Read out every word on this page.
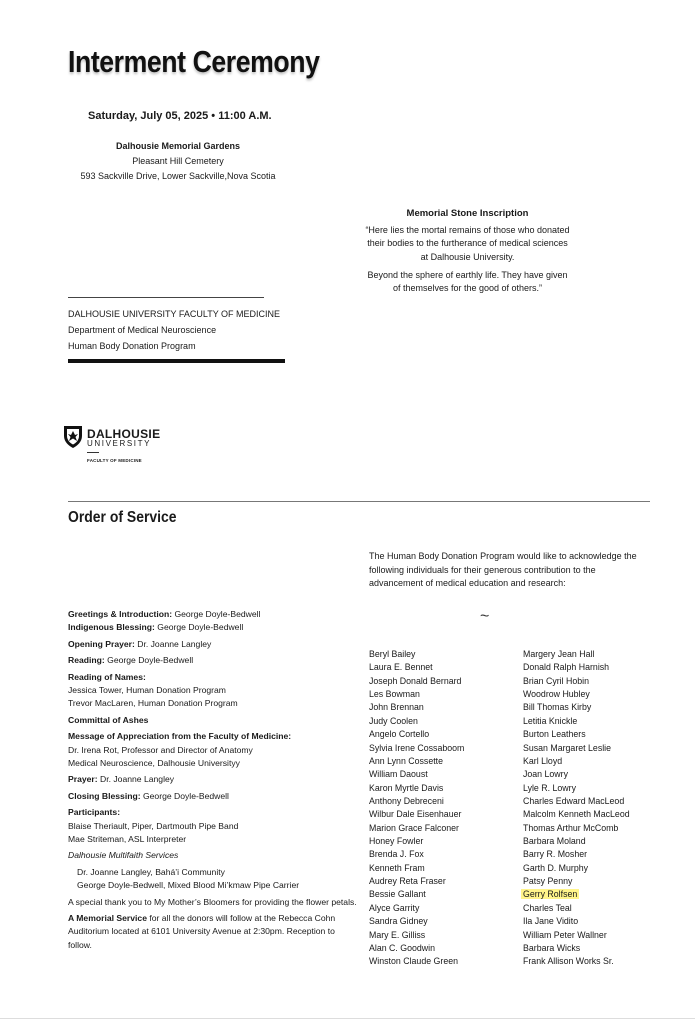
Interment Ceremony
Saturday, July 05, 2025 • 11:00 A.M.
Dalhousie Memorial Gardens
Pleasant Hill Cemetery
593 Sackville Drive, Lower Sackville,Nova Scotia
Memorial Stone Inscription

“Here lies the mortal remains of those who donated their bodies to the furtherance of medical sciences at Dalhousie University.

Beyond the sphere of earthly life. They have given of themselves for the good of others.”

DALHOUSIE UNIVERSITY FACULTY OF MEDICINE
Department of Medical Neuroscience
Human Body Donation Program
DALHOUSIE
UNIVERSITY
FACULTY OF MEDICINE
Order of Service
The Human Body Donation Program would like to acknowledge the following individuals for their generous contribution to the advancement of medical education and research:
~
Greetings & Introduction: George Doyle-Bedwell
Indigenous Blessing: George Doyle-Bedwell
Opening Prayer: Dr. Joanne Langley
Reading: George Doyle-Bedwell
Reading of Names:
Jessica Tower, Human Donation Program
Trevor MacLaren, Human Donation Program
Committal of Ashes
Message of Appreciation from the Faculty of Medicine:
Dr. Irena Rot, Professor and Director of Anatomy
Medical Neuroscience, Dalhousie Universityy
Prayer: Dr. Joanne Langley
Closing Blessing: George Doyle-Bedwell
Participants:
Blaise Theriault, Piper, Dartmouth Pipe Band
Mae Striteman, ASL Interpreter
Dalhousie Multifaith Services
Dr. Joanne Langley, Bahá’i Community
George Doyle-Bedwell, Mixed Blood Mi’kmaw Pipe Carrier
A special thank you to My Mother’s Bloomers for providing the flower petals.
A Memorial Service for all the donors will follow at the Rebecca Cohn Auditorium located at 6101 University Avenue at 2:30pm. Reception to follow.
Beryl Bailey
Laura E. Bennet
Joseph Donald Bernard
Les Bowman
John Brennan
Judy Coolen
Angelo Cortello
Sylvia Irene Cossaboom
Ann Lynn Cossette
William Daoust
Karon Myrtle Davis
Anthony Debreceni
Wilbur Dale Eisenhauer
Marion Grace Falconer
Honey Fowler
Brenda J. Fox
Kenneth Fram
Audrey Reta Fraser
Bessie Gallant
Alyce Garrity
Sandra Gidney
Mary E. Gilliss
Alan C. Goodwin
Winston Claude Green
Margery Jean Hall
Donald Ralph Harnish
Brian Cyril Hobin
Woodrow Hubley
Bill Thomas Kirby
Letitia Knickle
Burton Leathers
Susan Margaret Leslie
Karl Lloyd
Joan Lowry
Lyle R. Lowry
Charles Edward MacLeod
Malcolm Kenneth MacLeod
Thomas Arthur McComb
Barbara Moland
Barry R. Mosher
Garth D. Murphy
Patsy Penny
Gerry Rolfsen
Charles Teal
Ila Jane Vidito
William Peter Wallner
Barbara Wicks
Frank Allison Works Sr.
